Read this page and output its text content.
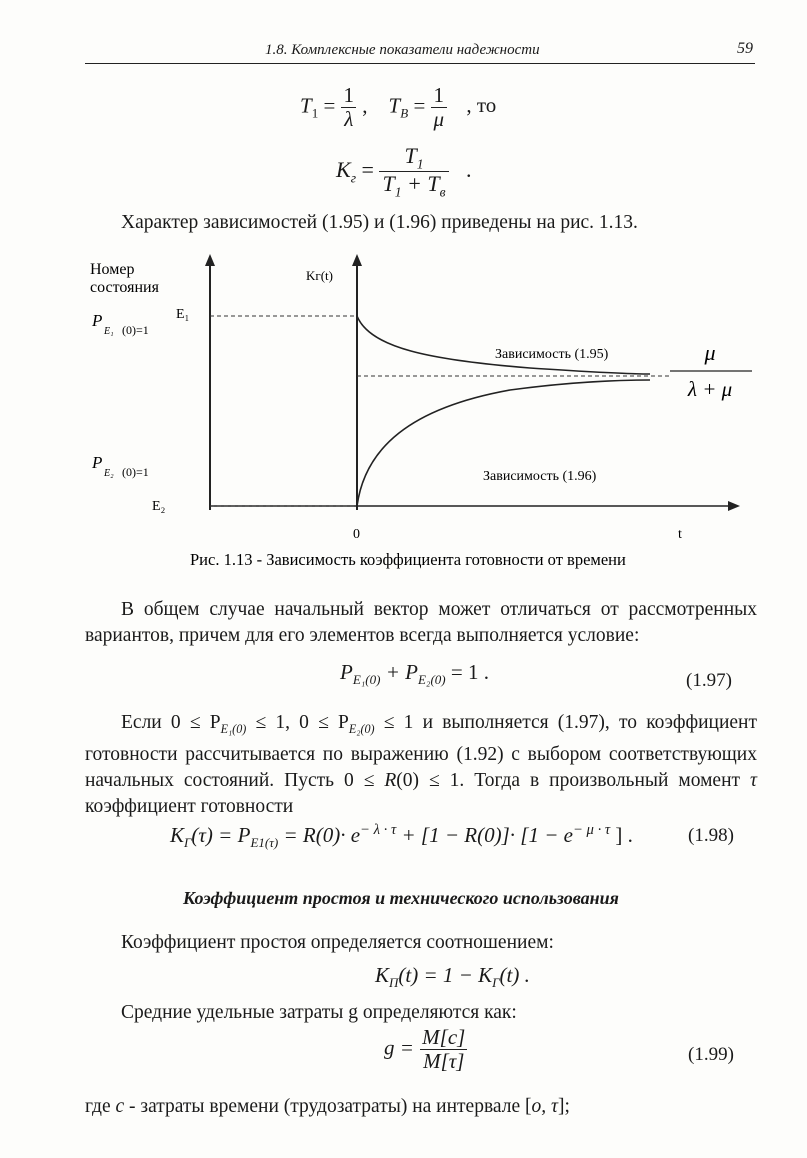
1.8. Комплексные показатели надежности	59
$T_1 = \frac{1}{\lambda}$ ,    $T_B = \frac{1}{\mu}$ , то
$K_г = \frac{T_1}{T_1 + T_в}$ .
Характер зависимостей (1.95) и (1.96) приведены на рис. 1.13.
Номер
состояния
E₁
P
E₁ (0)=1
P
E₂ (0)=1
E₂
Kг(t)
Зависимость (1.95)
Зависимость (1.96)
μ
λ + μ
0	t
Рис. 1.13 - Зависимость коэффициента готовности от времени
В общем случае начальный вектор может отличаться от рассмотренных вариантов, причем для его элементов всегда выполняется условие:
$P_{E_1(0)} + P_{E_2(0)} = 1$ .	(1.97)
Если $0 \le P_{E_1(0)} \le 1$, $0 \le P_{E_2(0)} \le 1$ и выполняется (1.97), то коэффициент готовности рассчитывается по выражению (1.92) с выбором соответствующих начальных состояний. Пусть 0 ≤ R(0) ≤ 1. Тогда в произвольный момент τ коэффициент готовности
$K_Г(\tau) = P_{E1(\tau)} = R(0)\cdot e^{- \lambda \cdot \tau} + [1 - R(0)]\cdot [1 - e^{- \mu \cdot \tau}$ ] .	(1.98)
Коэффициент простоя и технического использования
Коэффициент простоя определяется соотношением:
$K_П(t) = 1 - K_Г(t)$ .
Средние удельные затраты g определяются как:
$g = \frac{M[c]}{M[\tau]}$	(1.99)
где c - затраты времени (трудозатраты) на интервале [o, τ];
